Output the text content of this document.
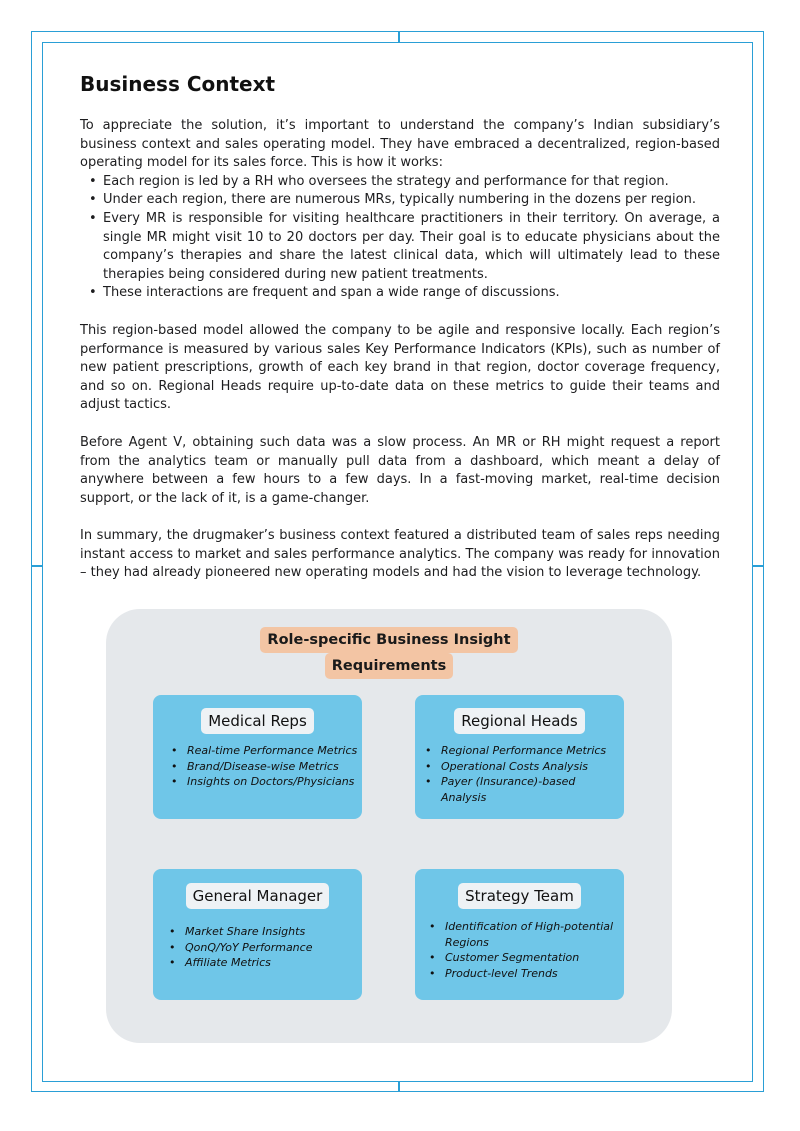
Business Context

To appreciate the solution, it’s important to understand the company’s Indian subsidiary’s business context and sales operating model. They have embraced a decentralized, region-based operating model for its sales force. This is how it works:

• Each region is led by a RH who oversees the strategy and performance for that region.
• Under each region, there are numerous MRs, typically numbering in the dozens per region.
• Every MR is responsible for visiting healthcare practitioners in their territory. On average, a single MR might visit 10 to 20 doctors per day. Their goal is to educate physicians about the company’s therapies and share the latest clinical data, which will ultimately lead to these therapies being considered during new patient treatments.
• These interactions are frequent and span a wide range of discussions.

This region-based model allowed the company to be agile and responsive locally. Each region’s performance is measured by various sales Key Performance Indicators (KPIs), such as number of new patient prescriptions, growth of each key brand in that region, doctor coverage frequency, and so on. Regional Heads require up-to-date data on these metrics to guide their teams and adjust tactics.

Before Agent V, obtaining such data was a slow process. An MR or RH might request a report from the analytics team or manually pull data from a dashboard, which meant a delay of anywhere between a few hours to a few days. In a fast-moving market, real-time decision support, or the lack of it, is a game-changer.

In summary, the drugmaker’s business context featured a distributed team of sales reps needing instant access to market and sales performance analytics. The company was ready for innovation – they had already pioneered new operating models and had the vision to leverage technology.

Role-specific Business Insight
Requirements
Medical Reps
• Real-time Performance Metrics
• Brand/Disease-wise Metrics
• Insights on Doctors/Physicians
Regional Heads
• Regional Performance Metrics
• Operational Costs Analysis
• Payer (Insurance)-based Analysis
General Manager
• Market Share Insights
• QonQ/YoY Performance
• Affiliate Metrics
Strategy Team
• Identification of High-potential Regions
• Customer Segmentation
• Product-level Trends
